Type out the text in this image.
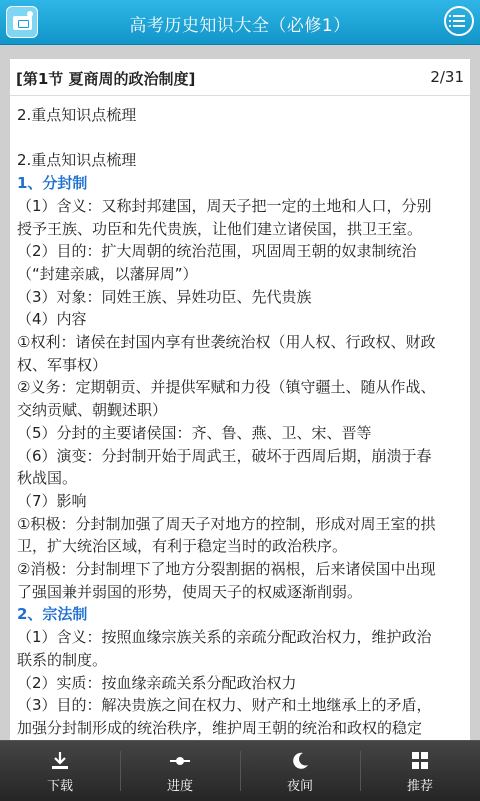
高考历史知识大全（必修1）
[第1节 夏商周的政治制度]	2/31
2.重点知识点梳理

2.重点知识点梳理
1、分封制
（1）含义：又称封邦建国，周天子把一定的土地和人口，分别
授予王族、功臣和先代贵族，让他们建立诸侯国，拱卫王室。
（2）目的：扩大周朝的统治范围，巩固周王朝的奴隶制统治
（“封建亲戚，以藩屏周”）
（3）对象：同姓王族、异姓功臣、先代贵族
（4）内容
①权利：诸侯在封国内享有世袭统治权（用人权、行政权、财政
权、军事权）
②义务：定期朝贡、并提供军赋和力役（镇守疆土、随从作战、
交纳贡赋、朝觐述职）
（5）分封的主要诸侯国：齐、鲁、燕、卫、宋、晋等
（6）演变：分封制开始于周武王，破坏于西周后期，崩溃于春
秋战国。
（7）影响
①积极：分封制加强了周天子对地方的控制，形成对周王室的拱
卫，扩大统治区域，有利于稳定当时的政治秩序。
②消极：分封制埋下了地方分裂割据的祸根，后来诸侯国中出现
了强国兼并弱国的形势，使周天子的权威逐渐削弱。
2、宗法制
（1）含义：按照血缘宗族关系的亲疏分配政治权力，维护政治
联系的制度。
（2）实质：按血缘亲疏关系分配政治权力
（3）目的：解决贵族之间在权力、财产和土地继承上的矛盾，
加强分封制形成的统治秩序，维护周王朝的统治和政权的稳定
下载	进度	夜间	推荐
